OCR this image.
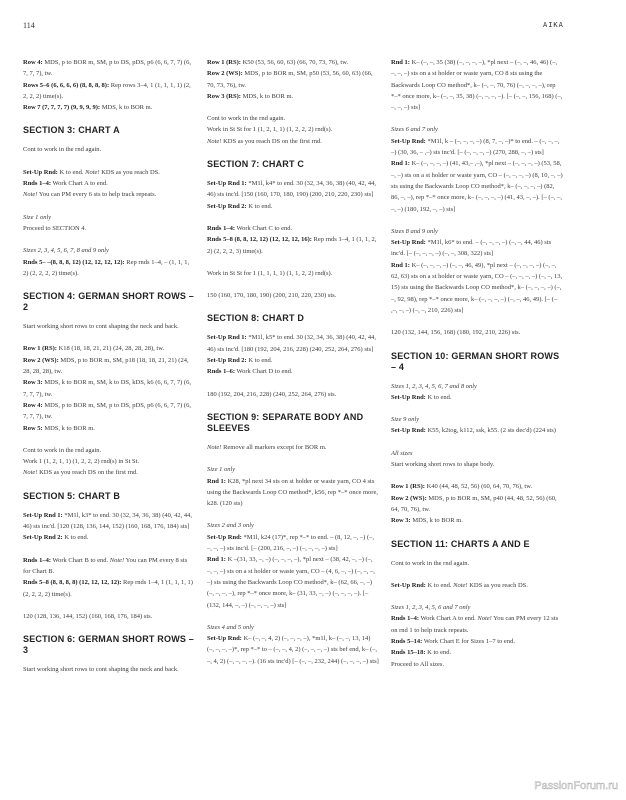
114	AIKA

Row 4: MDS, p to BOR m, SM, p to DS, pDS, p6 (6, 6, 7, 7) (6, 7, 7, 7), tw.

Rows 5–6 (6, 6, 6, 6) (8, 8, 8, 8): Rep rows 3–4, 1 (1, 1, 1, 1) (2, 2, 2, 2) time(s).

Row 7 (7, 7, 7, 7) (9, 9, 9, 9): MDS, k to BOR m.

SECTION 3: CHART A

Cont to work in the rnd again.

Set-Up Rnd: K to end. Note! KDS as you reach DS.

Rnds 1–4: Work Chart A to end.

Note! You can PM every 6 sts to help track repeats.

Size 1 only

Proceed to SECTION 4.

Sizes 2, 3, 4, 5, 6, 7, 8 and 9 only

Rnds 5– –(8, 8, 8, 12) (12, 12, 12, 12): Rep rnds 1–4, – (1, 1, 1, 2) (2, 2, 2, 2) time(s).

SECTION 4: GERMAN SHORT ROWS – 2

Start working short rows to cont shaping the neck and back.

Row 1 (RS): K18 (18, 18, 21, 21) (24, 28, 28, 28), tw.

Row 2 (WS): MDS, p to BOR m, SM, p18 (18, 18, 21, 21) (24, 28, 28, 28), tw.

Row 3: MDS, k to BOR m, SM, k to DS, kDS, k6 (6, 6, 7, 7) (6, 7, 7, 7), tw.

Row 4: MDS, p to BOR m, SM, p to DS, pDS, p6 (6, 6, 7, 7) (6, 7, 7, 7), tw.

Row 5: MDS, k to BOR m.

Cont to work in the rnd again.

Work 1 (1, 2, 1, 1) (1, 2, 2, 2) rnd(s) in St St.

Note! KDS as you reach DS on the first rnd.

SECTION 5: CHART B

Set-Up Rnd 1: *M1l, k3* to end. 30 (32, 34, 36, 38) (40, 42, 44, 46) sts inc'd. [120 (128, 136, 144, 152) (160, 168, 176, 184) sts]

Set-Up Rnd 2: K to end.

Rnds 1–4: Work Chart B to end. Note! You can PM every 8 sts for Chart B.

Rnds 5–8 (8, 8, 8, 8) (12, 12, 12, 12): Rep rnds 1–4, 1 (1, 1, 1, 1) (2, 2, 2, 2) time(s).

120 (128, 136, 144, 152) (160, 168, 176, 184) sts.

SECTION 6: GERMAN SHORT ROWS – 3

Start working short rows to cont shaping the neck and back.

Row 1 (RS): K50 (53, 56, 60, 63) (66, 70, 73, 76), tw.

Row 2 (WS): MDS, p to BOR m, SM, p50 (53, 56, 60, 63) (66, 70, 73, 76), tw.

Row 3 (RS): MDS, k to BOR m.

Cont to work in the rnd again.

Work in St St for 1 (1, 2, 1, 1) (1, 2, 2, 2) rnd(s).

Note! KDS as you reach DS on the first rnd.

SECTION 7: CHART C

Set-Up Rnd 1: *M1l, k4* to end. 30 (32, 34, 36, 38) (40, 42, 44, 46) sts inc'd. [150 (160, 170, 180, 190) (200, 210, 220, 230) sts]

Set-Up Rnd 2: K to end.

Rnds 1–4: Work Chart C to end.

Rnds 5–8 (8, 8, 12, 12) (12, 12, 12, 16): Rep rnds 1–4, 1 (1, 1, 2, 2) (2, 2, 2, 3) time(s).

Work in St St for 1 (1, 1, 1, 1) (1, 1, 2, 2) rnd(s).

150 (160, 170, 180, 190) (200, 210, 220, 230) sts.

SECTION 8: CHART D

Set-Up Rnd 1: *M1l, k5* to end. 30 (32, 34, 36, 38) (40, 42, 44, 46) sts inc'd. [180 (192, 204, 216, 228) (240, 252, 264, 276) sts]

Set-Up Rnd 2: K to end.

Rnds 1–6: Work Chart D to end.

180 (192, 204, 216, 228) (240, 252, 264, 276) sts.

SECTION 9: SEPARATE BODY AND SLEEVES

Note! Remove all markers except for BOR m.

Size 1 only

Rnd 1: K28, *pl next 34 sts on st holder or waste yarn, CO 4 sts using the Backwards Loop CO method*, k56, rep *–* once more, k28. (120 sts)

Sizes 2 and 3 only

Set-Up Rnd: *M1l, k24 (17)*, rep *–* to end. – (8, 12, –, –) (–, –, –, –) sts inc'd. [– (200, 216, –, –) (–, –, –, –) sts]

Rnd 1: K –(31, 33, –, –) (–, –, –, –), *pl next – (38, 42, –, –) (–, –, –, –) sts on a st holder or waste yarn, CO – (4, 6, –, –) (–, –, –, –) sts using the Backwards Loop CO method*, k– (62, 66, –, –) (–, –, –, –), rep *–* once more, k– (31, 33, –, –) (–, –, –, –). [– (132, 144, –, –) (–, –, –, –) sts]

Sizes 4 and 5 only

Set-Up Rnd: K– (–, –, 4, 2) (–, –, –, –), *m1l, k– (–, –, 13, 14) (–, –, –, –)*, rep *–* to – (–, –, 4, 2) (–, –, –, –) sts bef end, k– (–, –, 4, 2) (–, –, –, –). (16 sts inc'd) [– (–, –, 232, 244) (–, –, –, –) sts]

Rnd 1: K– (–, –, 35 (38) (–, –, –, –), *pl next – (–, –, 46, 46) (–, –, –, –) sts on a st holder or waste yarn, CO 8 sts using the Backwards Loop CO method*, k– (–, –, 70, 76) (–, –, –, –), rep *–* once more, k– (–, –, 35, 38) (–, –, –, –). [– (–, –, 156, 168) (–, –, –, –) sts]

Sizes 6 and 7 only

Set-Up Rnd: *M1l, k – (–, –, –, –) (8, 7, –, –)* to end. – (–, –, –, –) (30, 36, – ,–) sts inc'd. [– (–, –, –, –) (270, 288, –, –) sts]

Rnd 1: K– (–, –, –, –) (41, 43,– ,–), *pl next – (–, –, –, –) (53, 58, –, –) sts on a st holder or waste yarn, CO – (–, –, –, –) (8, 10, –, –) sts using the Backwards Loop CO method*, k– (–, –, –, –) (82, 86, –, –), rep *–* once more, k– (–, –, –, –) (41, 43, –, –). [– (–, –, –, –) (180, 192, –, –) sts]

Sizes 8 and 9 only

Set-Up Rnd: *M1l, k6* to end. – (–, –, –, –) (–, –, 44, 46) sts inc'd. [– (–, –, –, –) (–, –, 308, 322) sts]

Rnd 1: K– (–, –, –, –) (–, –, 46, 49), *pl next – (–, –, –, –) (–, –, 62, 63) sts on a st holder or waste yarn, CO – (–, –, –, –) (–, –, 13, 15) sts using the Backwards Loop CO method*, k– (–, –, –, –) (–, –, 92, 98), rep *–* once more, k– (–, –, –, –) (–, –, 46, 49). [– (– ,–, –, –) (–, –, 210, 226) sts]

120 (132, 144, 156, 168) (180, 192, 210, 226) sts.

SECTION 10: GERMAN SHORT ROWS – 4

Sizes 1, 2, 3, 4, 5, 6, 7 and 8 only

Set-Up Rnd: K to end.

Size 9 only

Set-Up Rnd: K55, k2tog, k112, ssk, k55. (2 sts dec'd) (224 sts)

All sizes

Start working short rows to shape body.

Row 1 (RS): K40 (44, 48, 52, 56) (60, 64, 70, 76), tw.

Row 2 (WS): MDS, p to BOR m, SM, p40 (44, 48, 52, 56) (60, 64, 70, 76), tw.

Row 3: MDS, k to BOR m.

SECTION 11: CHARTS A AND E

Cont to work in the rnd again.

Set-Up Rnd: K to end. Note! KDS as you reach DS.

Sizes 1, 2, 3, 4, 5, 6 and 7 only

Rnds 1–4: Work Chart A to end. Note! You can PM every 12 sts on rnd 1 to help track repeats.

Rnds 5–14: Work Chart E for Sizes 1–7 to end.

Rnds 15–18: K to end.

Proceed to All sizes.

PassionForum.ru
